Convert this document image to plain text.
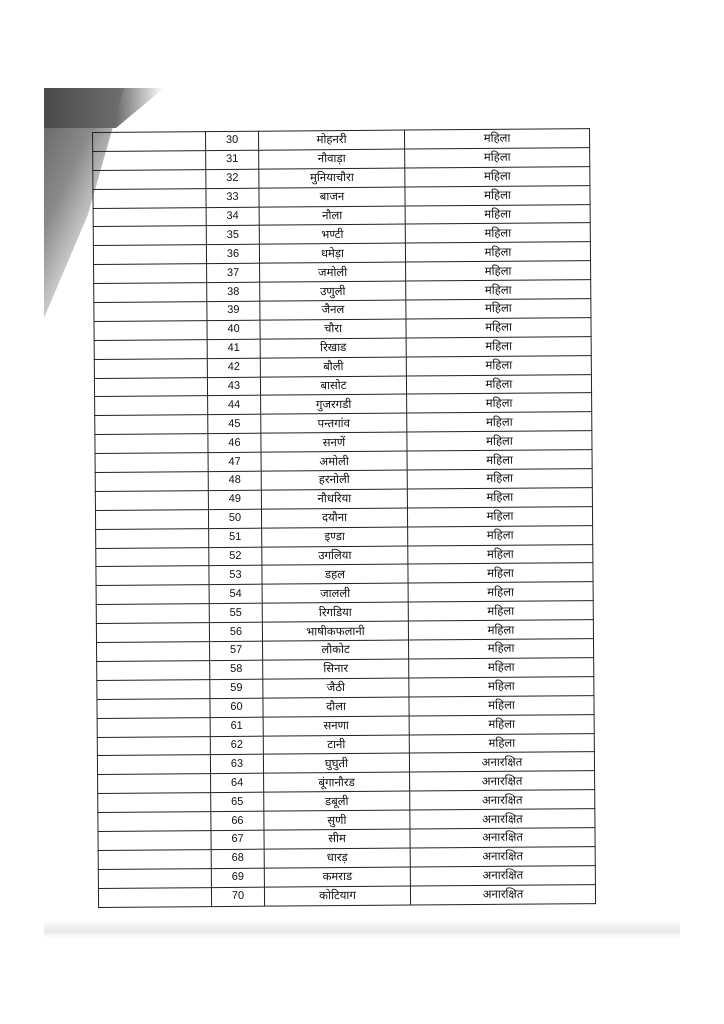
	30	मोहनरी	महिला
	31	नौवाड़ा	महिला
	32	मुनियाचौरा	महिला
	33	बाजन	महिला
	34	नौला	महिला
	35	भण्टी	महिला
	36	धमेड़ा	महिला
	37	जमोली	महिला
	38	उणुली	महिला
	39	जैनल	महिला
	40	चौरा	महिला
	41	रिखाड	महिला
	42	बौली	महिला
	43	बासोट	महिला
	44	गुजरगडी	महिला
	45	पन्तगांव	महिला
	46	सनणें	महिला
	47	अमोली	महिला
	48	हरनोली	महिला
	49	नौधरिया	महिला
	50	दयौना	महिला
	51	इण्डा	महिला
	52	उगलिया	महिला
	53	डहल	महिला
	54	जालली	महिला
	55	रिगडिया	महिला
	56	भाषीकफलानी	महिला
	57	लौकोट	महिला
	58	सिनार	महिला
	59	जैठी	महिला
	60	दौला	महिला
	61	सनणा	महिला
	62	टानी	महिला
	63	घुघुती	अनारक्षित
	64	बूंगानौरड	अनारक्षित
	65	डबूली	अनारक्षित
	66	सुणी	अनारक्षित
	67	सीम	अनारक्षित
	68	धारड़	अनारक्षित
	69	कमराड	अनारक्षित
	70	कोटियाग	अनारक्षित
